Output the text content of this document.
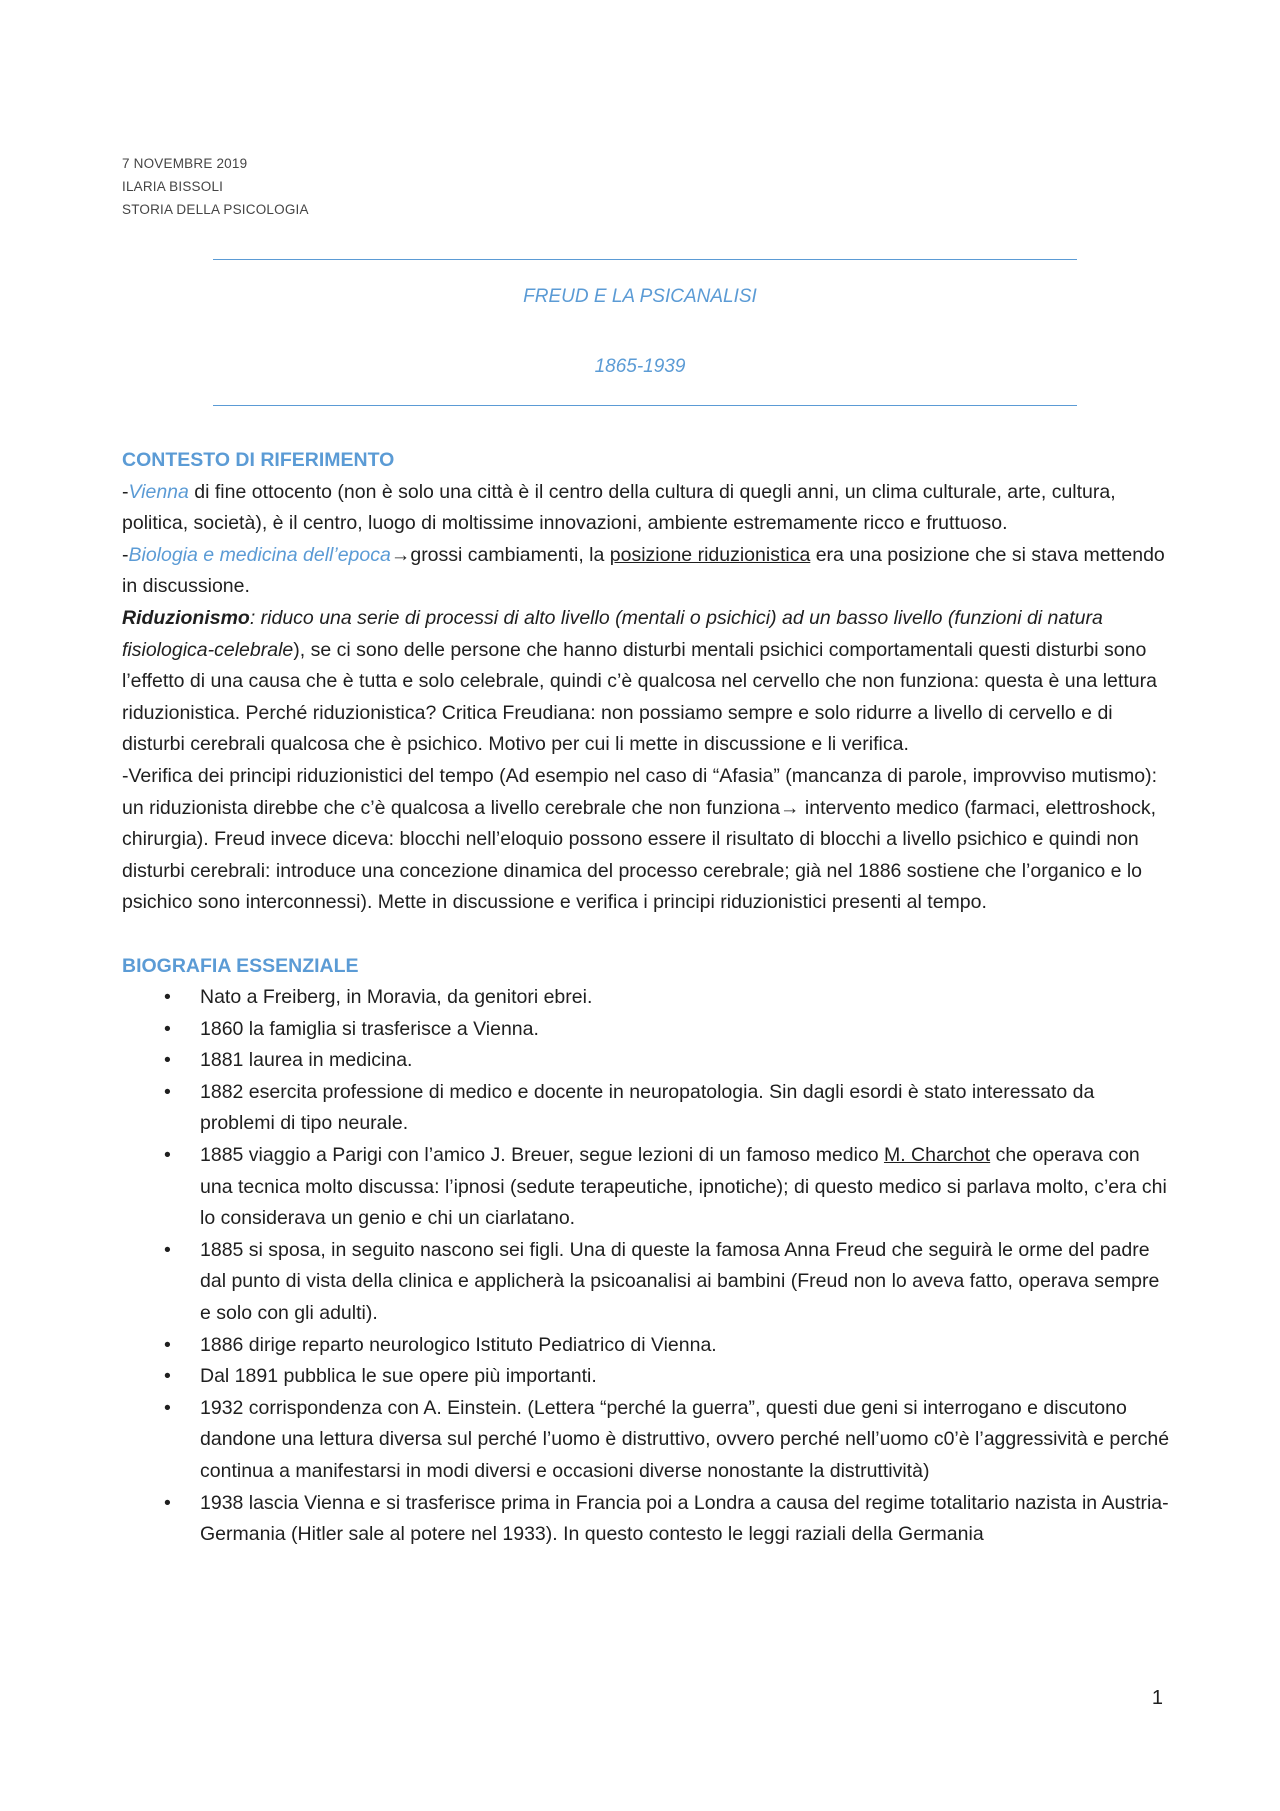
7 NOVEMBRE 2019
ILARIA BISSOLI
STORIA DELLA PSICOLOGIA
FREUD E LA PSICANALISI
1865-1939

CONTESTO DI RIFERIMENTO

-Vienna di fine ottocento (non è solo una città è il centro della cultura di quegli anni, un clima culturale, arte, cultura, politica, società), è il centro, luogo di moltissime innovazioni, ambiente estremamente ricco e fruttuoso.

-Biologia e medicina dell’epoca→grossi cambiamenti, la posizione riduzionistica era una posizione che si stava mettendo in discussione.

Riduzionismo: riduco una serie di processi di alto livello (mentali o psichici) ad un basso livello (funzioni di natura fisiologica-celebrale), se ci sono delle persone che hanno disturbi mentali psichici comportamentali questi disturbi sono l’effetto di una causa che è tutta e solo celebrale, quindi c’è qualcosa nel cervello che non funziona: questa è una lettura riduzionistica. Perché riduzionistica? Critica Freudiana: non possiamo sempre e solo ridurre a livello di cervello e di disturbi cerebrali qualcosa che è psichico. Motivo per cui li mette in discussione e li verifica.

-Verifica dei principi riduzionistici del tempo (Ad esempio nel caso di “Afasia” (mancanza di parole, improvviso mutismo): un riduzionista direbbe che c’è qualcosa a livello cerebrale che non funziona→ intervento medico (farmaci, elettroshock, chirurgia). Freud invece diceva: blocchi nell’eloquio possono essere il risultato di blocchi a livello psichico e quindi non disturbi cerebrali: introduce una concezione dinamica del processo cerebrale; già nel 1886 sostiene che l’organico e lo psichico sono interconnessi). Mette in discussione e verifica i principi riduzionistici presenti al tempo.

BIOGRAFIA ESSENZIALE

• Nato a Freiberg, in Moravia, da genitori ebrei.
• 1860 la famiglia si trasferisce a Vienna.
• 1881 laurea in medicina.
• 1882 esercita professione di medico e docente in neuropatologia. Sin dagli esordi è stato interessato da problemi di tipo neurale.
• 1885 viaggio a Parigi con l’amico J. Breuer, segue lezioni di un famoso medico M. Charchot che operava con una tecnica molto discussa: l’ipnosi (sedute terapeutiche, ipnotiche); di questo medico si parlava molto, c’era chi lo considerava un genio e chi un ciarlatano.
• 1885 si sposa, in seguito nascono sei figli. Una di queste la famosa Anna Freud che seguirà le orme del padre dal punto di vista della clinica e applicherà la psicoanalisi ai bambini (Freud non lo aveva fatto, operava sempre e solo con gli adulti).
• 1886 dirige reparto neurologico Istituto Pediatrico di Vienna.
• Dal 1891 pubblica le sue opere più importanti.
• 1932 corrispondenza con A. Einstein. (Lettera “perché la guerra”, questi due geni si interrogano e discutono dandone una lettura diversa sul perché l’uomo è distruttivo, ovvero perché nell’uomo c0’è l’aggressività e perché continua a manifestarsi in modi diversi e occasioni diverse nonostante la distruttività)
• 1938 lascia Vienna e si trasferisce prima in Francia poi a Londra a causa del regime totalitario nazista in Austria-Germania (Hitler sale al potere nel 1933). In questo contesto le leggi raziali della Germania
1
